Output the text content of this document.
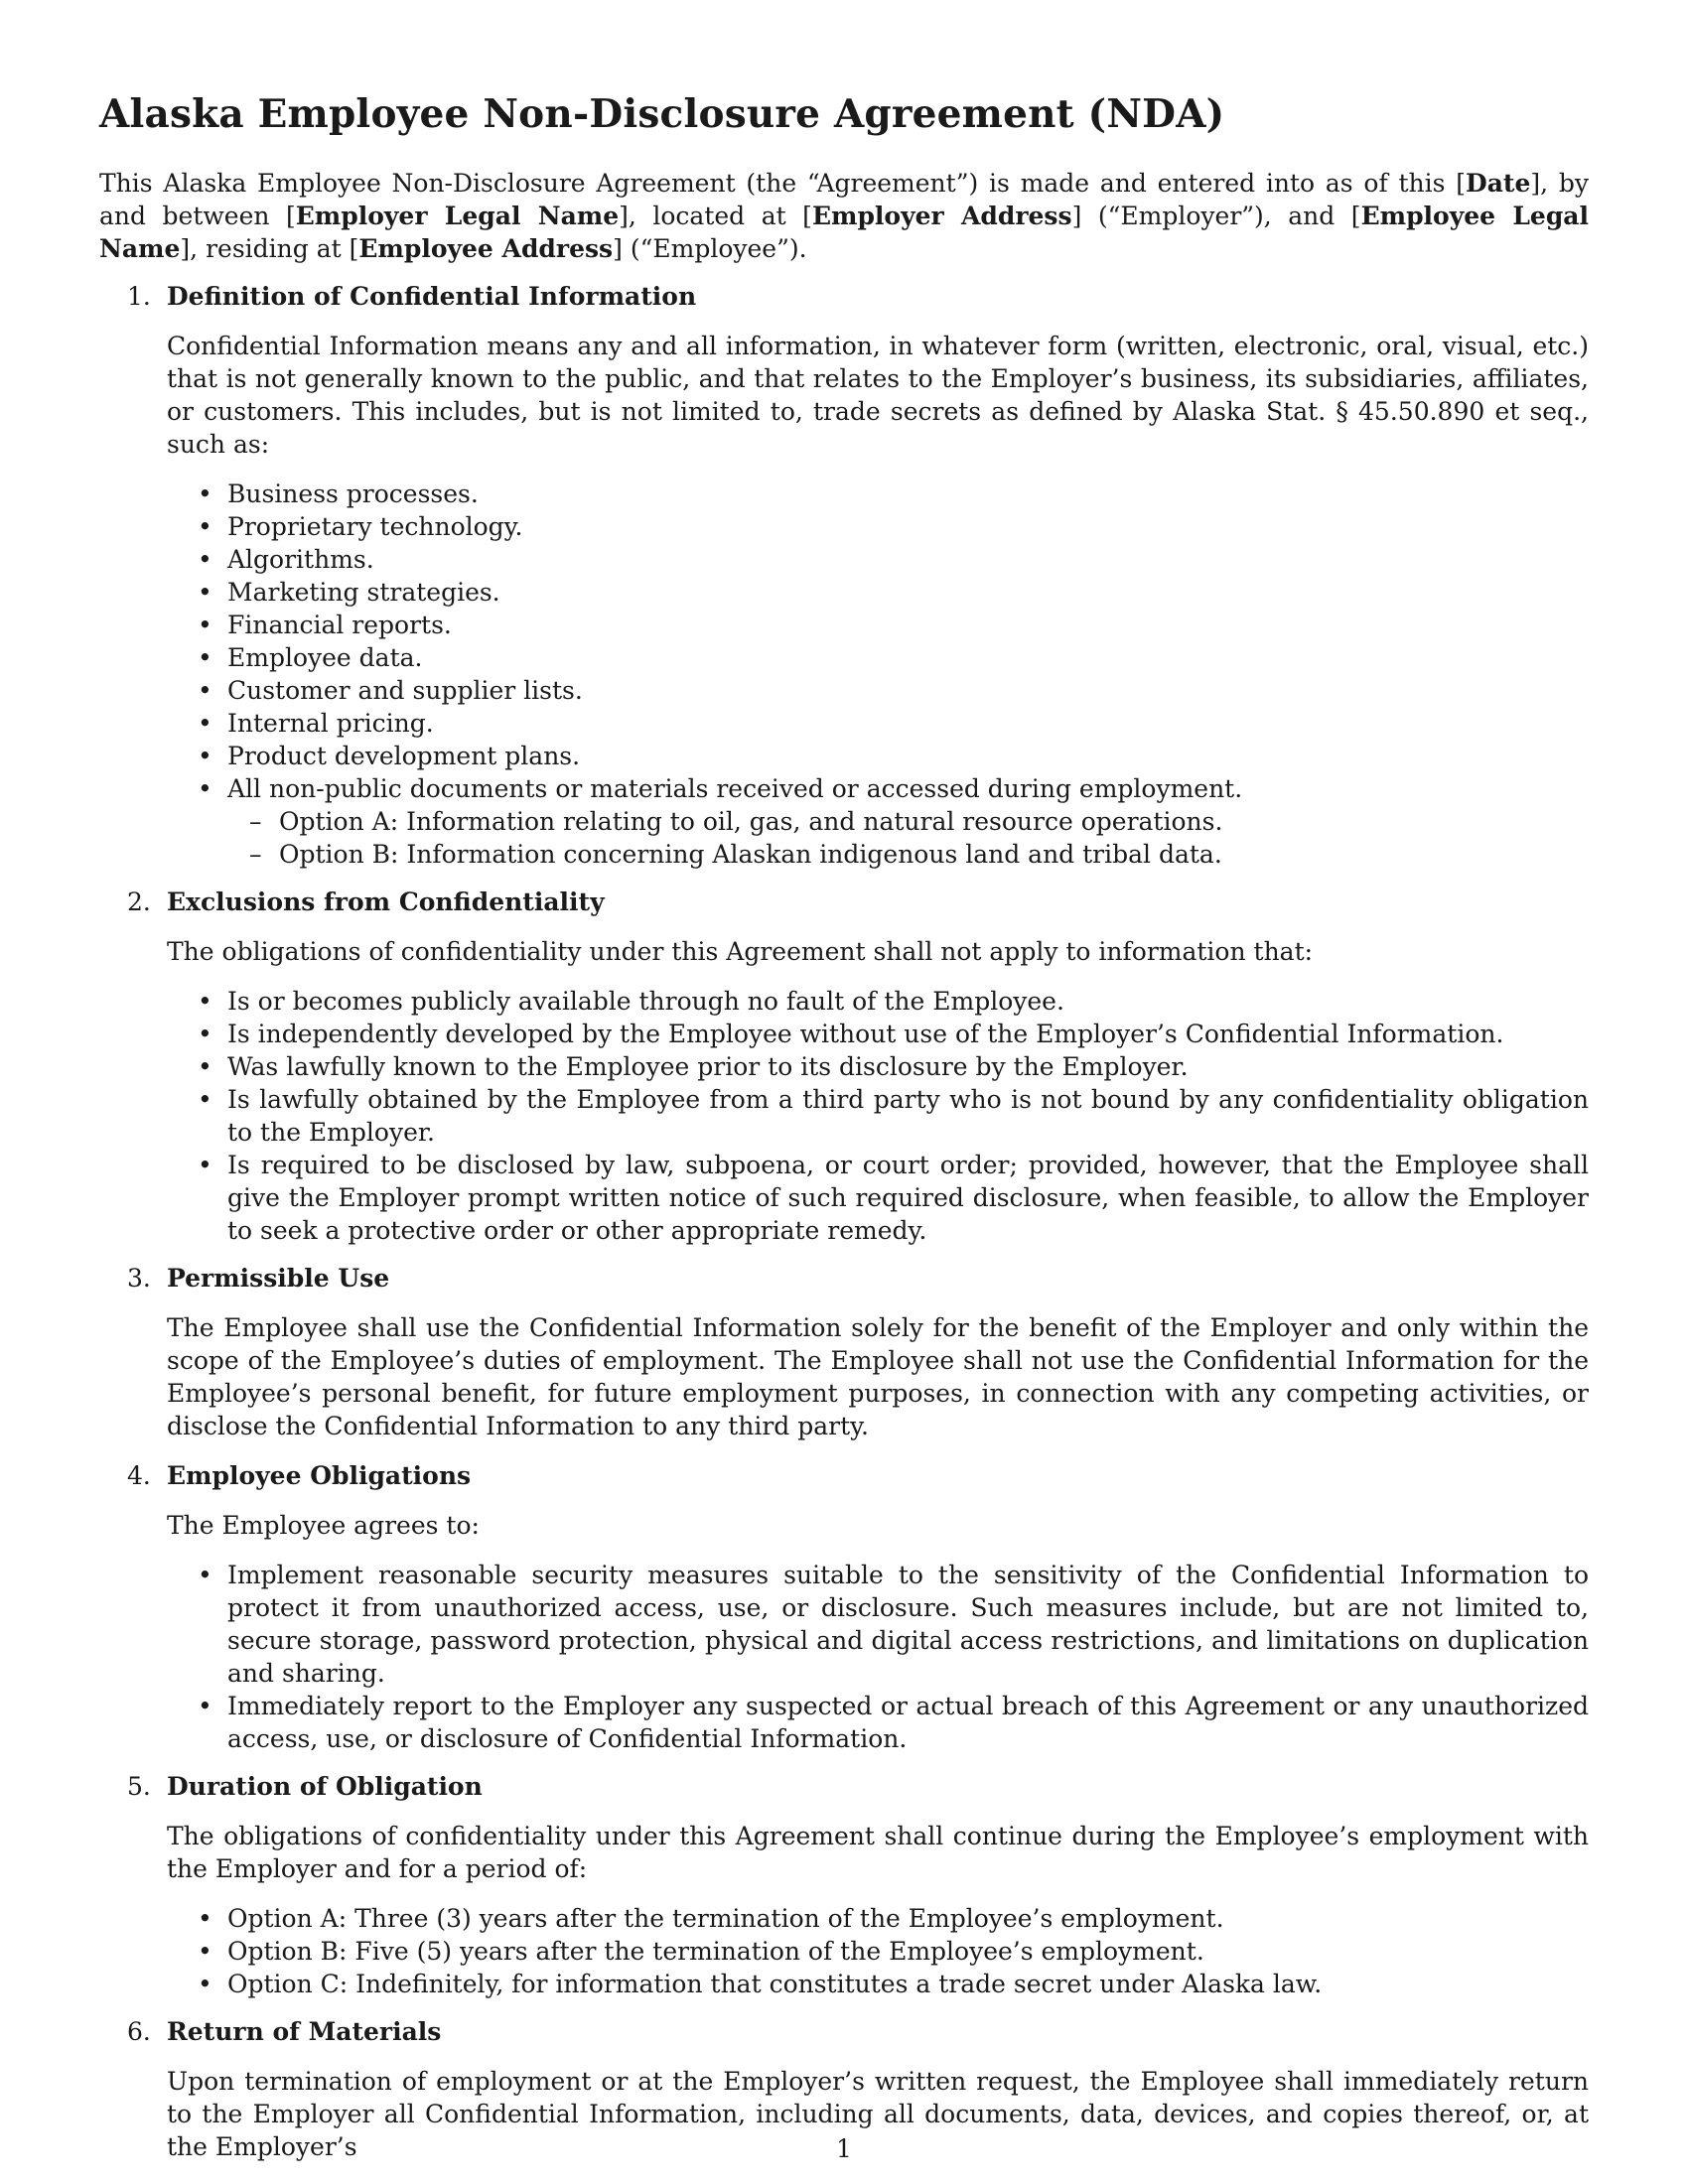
Alaska Employee Non-Disclosure Agreement (NDA)

This Alaska Employee Non-Disclosure Agreement (the “Agreement”) is made and entered into as of this [Date], by and between [Employer Legal Name], located at [Employer Address] (“Employer”), and [Employee Legal Name], residing at [Employee Address] (“Employee”).

1. Definition of Confidential Information

Confidential Information means any and all information, in whatever form (written, electronic, oral, visual, etc.) that is not generally known to the public, and that relates to the Employer’s business, its subsidiaries, affiliates, or customers. This includes, but is not limited to, trade secrets as defined by Alaska Stat. § 45.50.890 et seq., such as:

• Business processes.
• Proprietary technology.
• Algorithms.
• Marketing strategies.
• Financial reports.
• Employee data.
• Customer and supplier lists.
• Internal pricing.
• Product development plans.
• All non-public documents or materials received or accessed during employment.
– Option A: Information relating to oil, gas, and natural resource operations.
– Option B: Information concerning Alaskan indigenous land and tribal data.
2. Exclusions from Confidentiality

The obligations of confidentiality under this Agreement shall not apply to information that:

• Is or becomes publicly available through no fault of the Employee.
• Is independently developed by the Employee without use of the Employer’s Confidential Information.
• Was lawfully known to the Employee prior to its disclosure by the Employer.
• Is lawfully obtained by the Employee from a third party who is not bound by any confidentiality obligation to the Employer.
• Is required to be disclosed by law, subpoena, or court order; provided, however, that the Employee shall give the Employer prompt written notice of such required disclosure, when feasible, to allow the Employer to seek a protective order or other appropriate remedy.
3. Permissible Use

The Employee shall use the Confidential Information solely for the benefit of the Employer and only within the scope of the Employee’s duties of employment. The Employee shall not use the Confidential Information for the Employee’s personal benefit, for future employment purposes, in connection with any competing activities, or disclose the Confidential Information to any third party.

4. Employee Obligations

The Employee agrees to:

• Implement reasonable security measures suitable to the sensitivity of the Confidential Information to protect it from unauthorized access, use, or disclosure. Such measures include, but are not limited to, secure storage, password protection, physical and digital access restrictions, and limitations on duplication and sharing.
• Immediately report to the Employer any suspected or actual breach of this Agreement or any unauthorized access, use, or disclosure of Confidential Information.
5. Duration of Obligation

The obligations of confidentiality under this Agreement shall continue during the Employee’s employment with the Employer and for a period of:

• Option A: Three (3) years after the termination of the Employee’s employment.
• Option B: Five (5) years after the termination of the Employee’s employment.
• Option C: Indefinitely, for information that constitutes a trade secret under Alaska law.
6. Return of Materials

Upon termination of employment or at the Employer’s written request, the Employee shall immediately return to the Employer all Confidential Information, including all documents, data, devices, and copies thereof, or, at the Employer’s	1
